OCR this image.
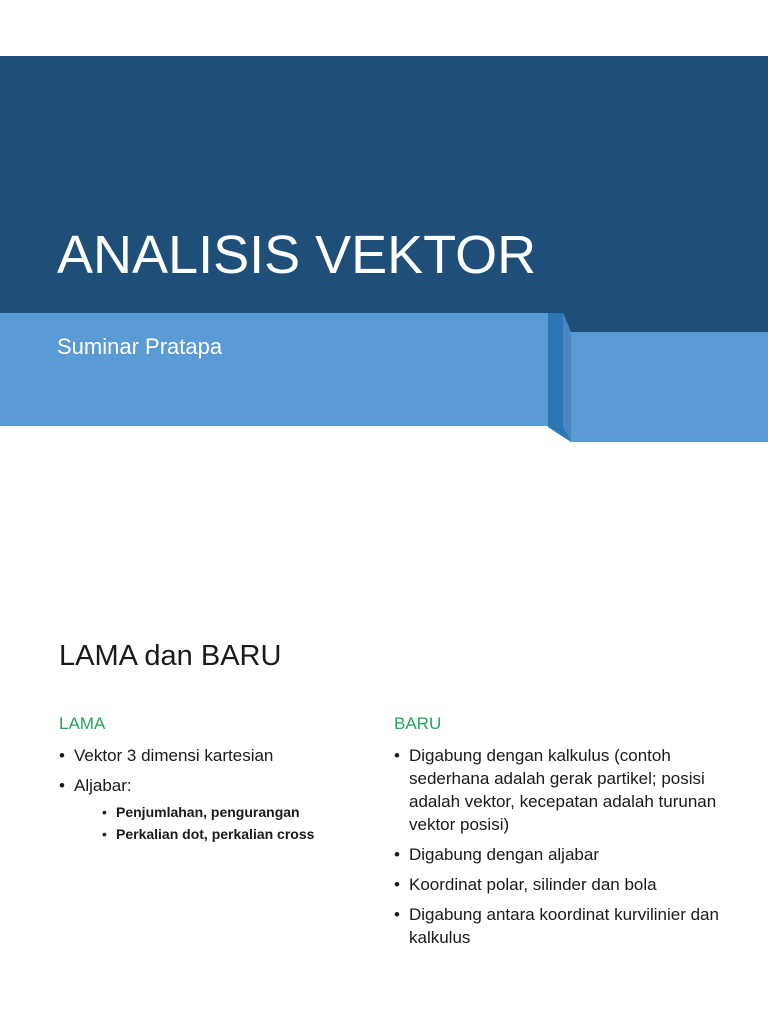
ANALISIS VEKTOR

Suminar Pratapa

LAMA dan BARU

LAMA

• Vektor 3 dimensi kartesian
• Aljabar:
• Penjumlahan, pengurangan
• Perkalian dot, perkalian cross

BARU

• Digabung dengan kalkulus (contoh sederhana adalah gerak partikel; posisi adalah vektor, kecepatan adalah turunan vektor posisi)
• Digabung dengan aljabar
• Koordinat polar, silinder dan bola
• Digabung antara koordinat kurvilinier dan kalkulus
